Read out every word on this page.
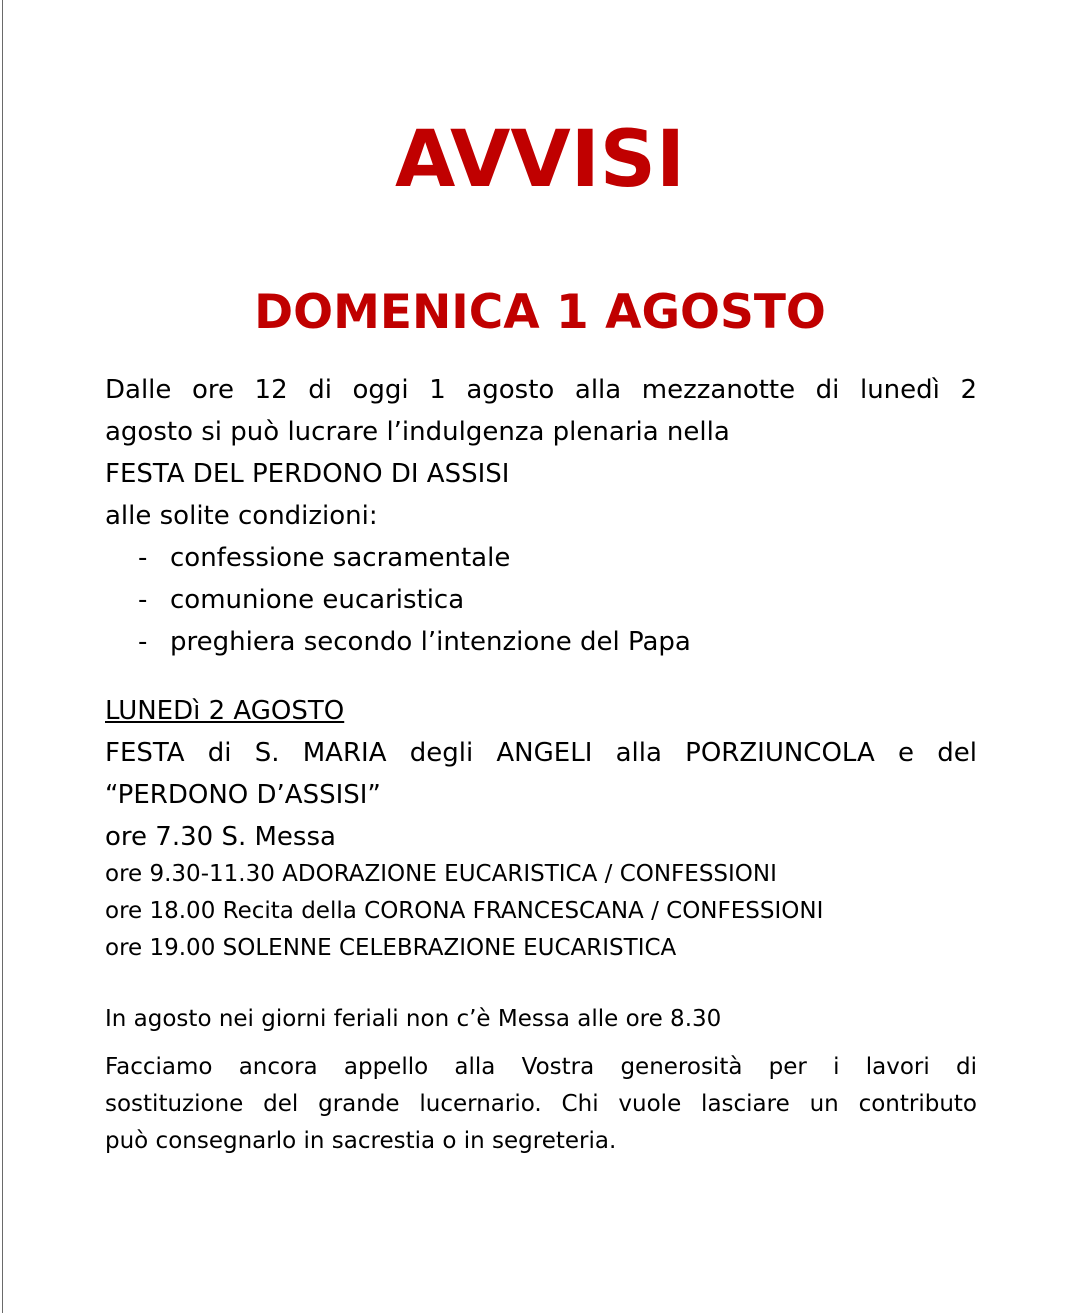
AVVISI
DOMENICA 1 AGOSTO
Dalle ore 12 di oggi 1 agosto alla mezzanotte di lunedì 2
agosto si può lucrare l’indulgenza plenaria nella
FESTA DEL PERDONO DI ASSISI
alle solite condizioni:
- confessione sacramentale
- comunione eucaristica
- preghiera secondo l’intenzione del Papa
LUNEDì 2 AGOSTO
FESTA di S. MARIA degli ANGELI alla PORZIUNCOLA e del
“PERDONO D’ASSISI”
ore 7.30 S. Messa
ore 9.30-11.30 ADORAZIONE EUCARISTICA / CONFESSIONI
ore 18.00 Recita della CORONA FRANCESCANA / CONFESSIONI
ore 19.00 SOLENNE CELEBRAZIONE EUCARISTICA
In agosto nei giorni feriali non c’è Messa alle ore 8.30
Facciamo ancora appello alla Vostra generosità per i lavori di
sostituzione del grande lucernario. Chi vuole lasciare un contributo
può consegnarlo in sacrestia o in segreteria.
